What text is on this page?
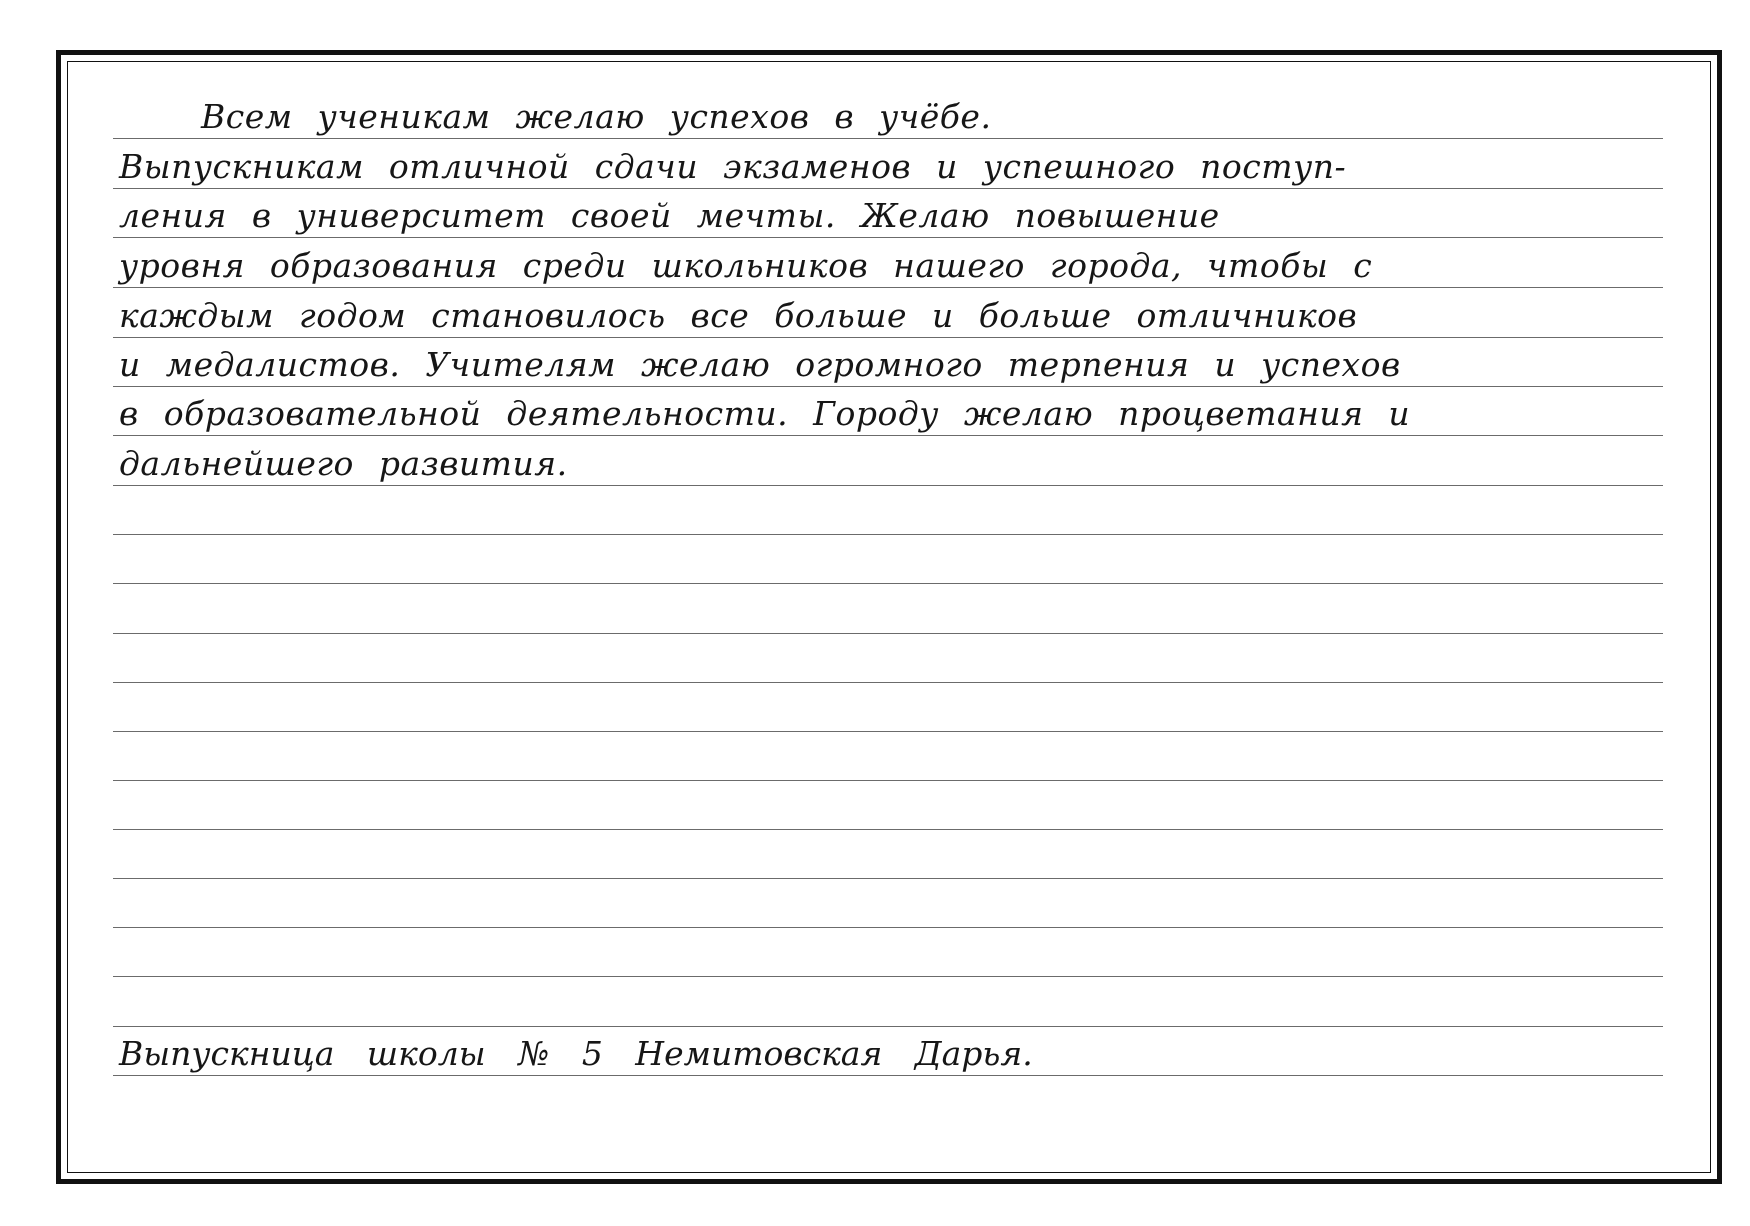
Всем ученикам желаю успехов в учёбе.
Выпускникам отличной сдачи экзаменов и успешного поступ-
ления в университет своей мечты. Желаю повышение
уровня образования среди школьников нашего города, чтобы с
каждым годом становилось все больше и больше отличников
и медалистов. Учителям желаю огромного терпения и успехов
в образовательной деятельности. Городу желаю процветания и
дальнейшего развития.
Выпускница школы № 5 Немитовская Дарья.
